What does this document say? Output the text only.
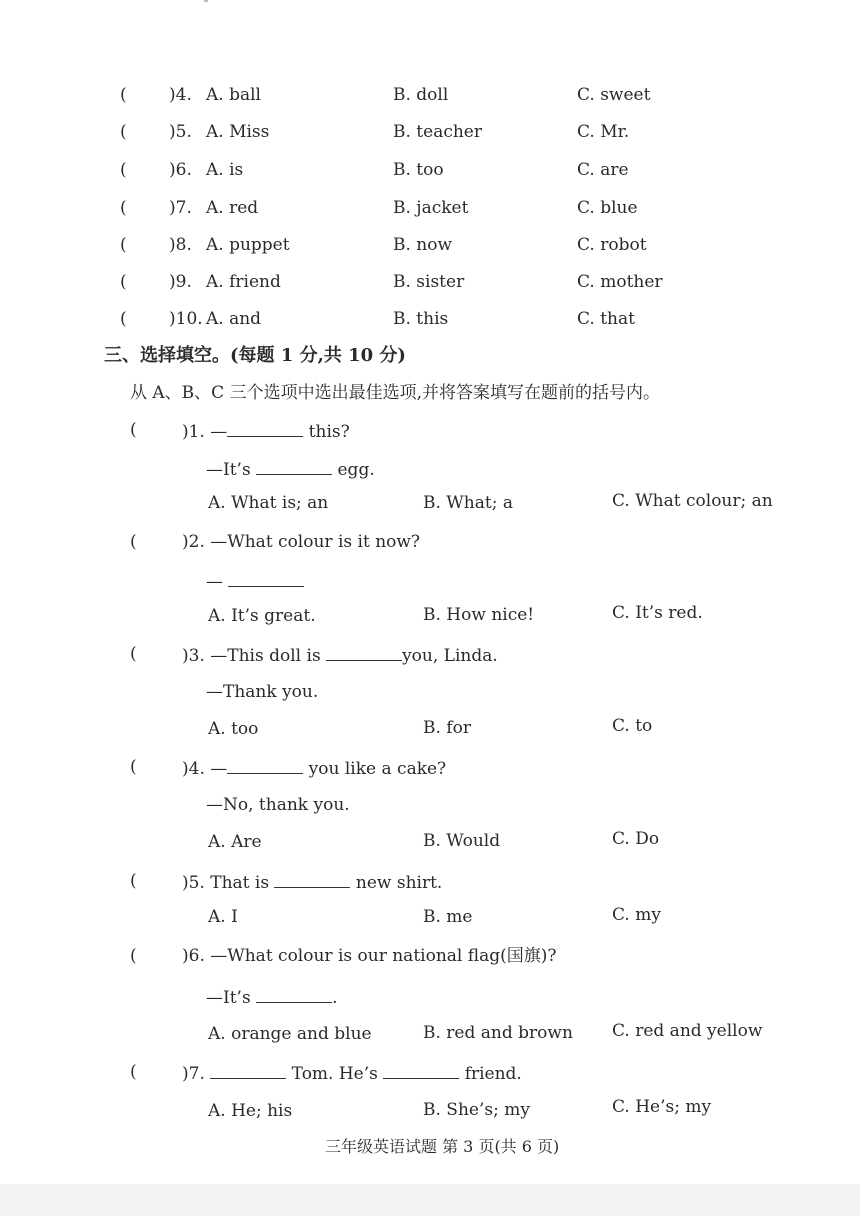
( )4. A. ball	B. doll	C. sweet
( )5. A. Miss	B. teacher	C. Mr.
( )6. A. is	B. too	C. are
( )7. A. red	B. jacket	C. blue
( )8. A. puppet	B. now	C. robot
( )9. A. friend	B. sister	C. mother
( )10. A. and	B. this	C. that
三、选择填空。(每题 1 分,共 10 分)
从 A、B、C 三个选项中选出最佳选项,并将答案填写在题前的括号内。
(	)1. —	this?
—It’s	egg.
A. What is; an	B. What; a	C. What colour; an
(	)2. —What colour is it now?
—
A. It’s great.	B. How nice!	C. It’s red.
(	)3. —This doll is	you, Linda.
—Thank you.
A. too	B. for	C. to
(	)4. —	you like a cake?
—No, thank you.
A. Are	B. Would	C. Do
(	)5. That is	new shirt.
A. I	B. me	C. my
(	)6. —What colour is our national flag(国旗)?
—It’s	.
A. orange and blue	B. red and brown C. red and yellow
(	)7.	Tom. He’s	friend.
A. He; his	B. She’s; my	C. He’s; my
三年级英语试题 第 3 页(共 6 页)
